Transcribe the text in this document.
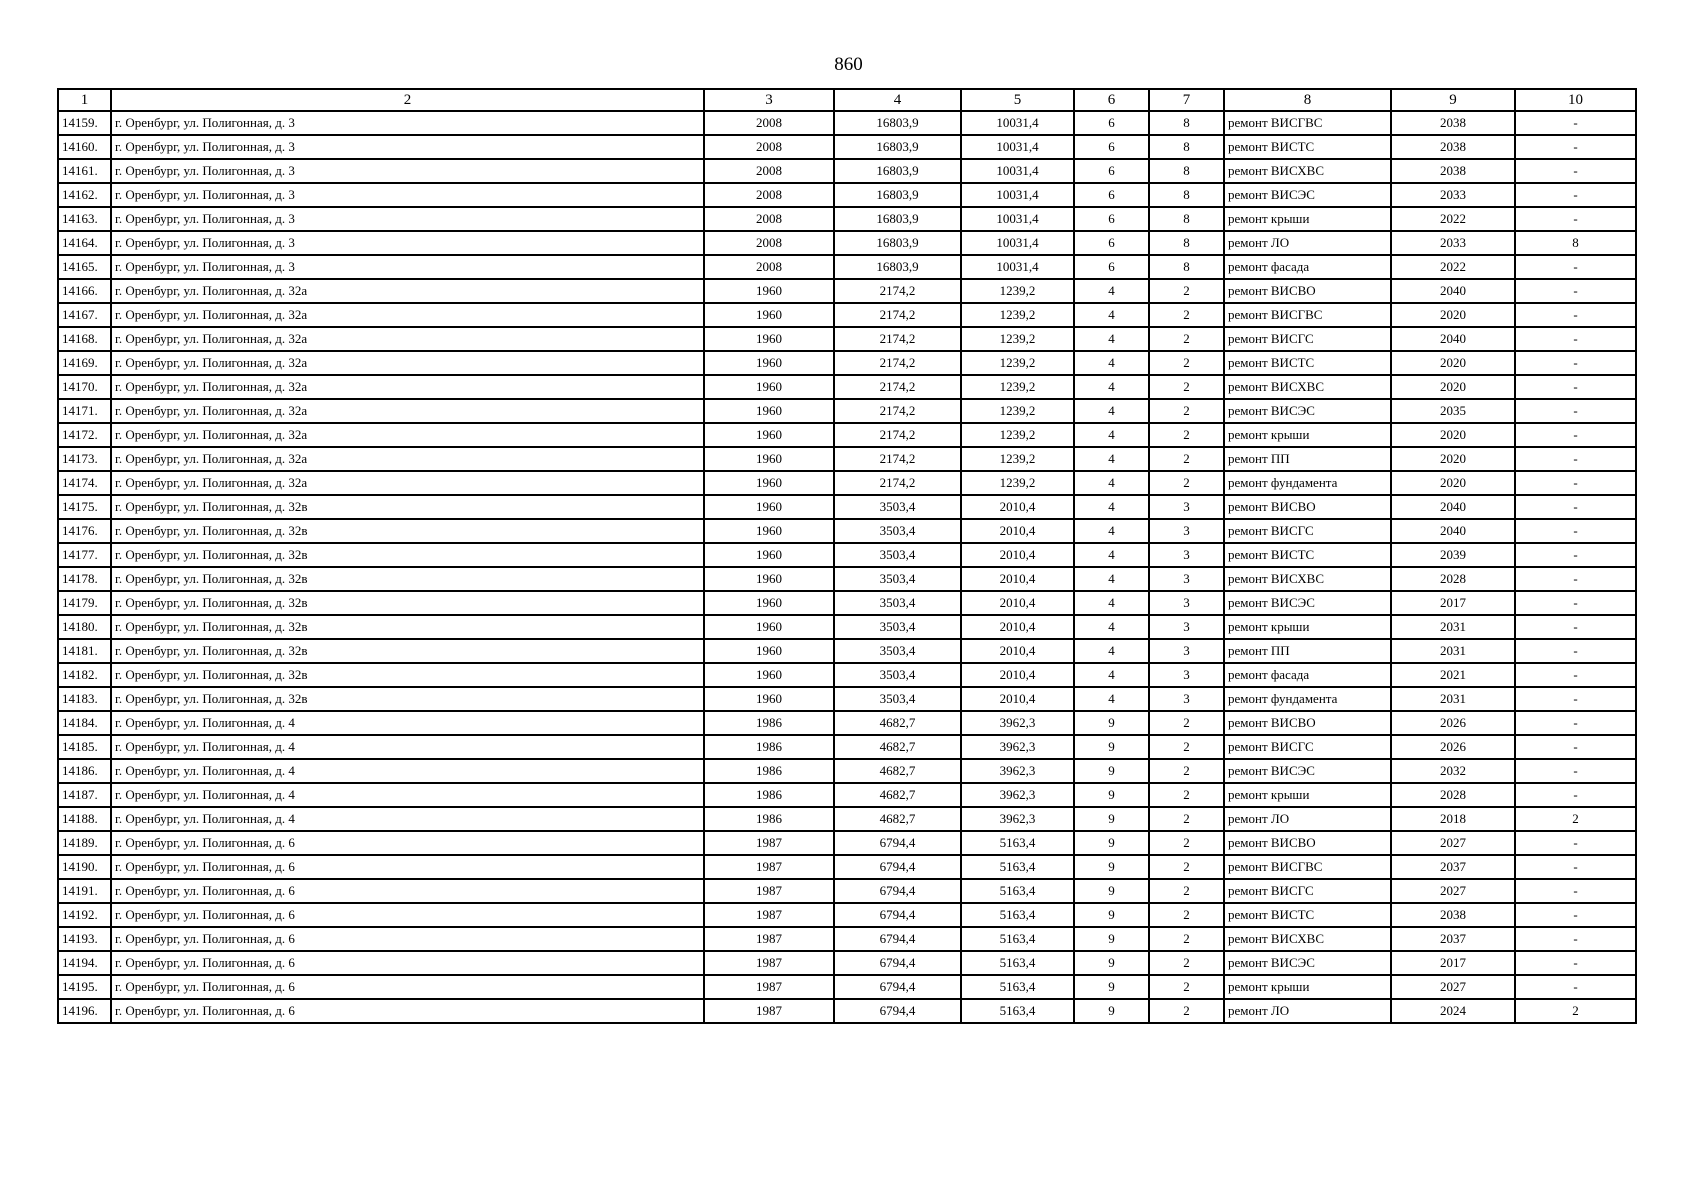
860
1	2	3	4	5	6	7	8	9	10
14159.	г. Оренбург, ул. Полигонная, д. 3	2008	16803,9	10031,4	6	8	ремонт ВИСГВС	2038	-
14160.	г. Оренбург, ул. Полигонная, д. 3	2008	16803,9	10031,4	6	8	ремонт ВИСТС	2038	-
14161.	г. Оренбург, ул. Полигонная, д. 3	2008	16803,9	10031,4	6	8	ремонт ВИСХВС	2038	-
14162.	г. Оренбург, ул. Полигонная, д. 3	2008	16803,9	10031,4	6	8	ремонт ВИСЭС	2033	-
14163.	г. Оренбург, ул. Полигонная, д. 3	2008	16803,9	10031,4	6	8	ремонт крыши	2022	-
14164.	г. Оренбург, ул. Полигонная, д. 3	2008	16803,9	10031,4	6	8	ремонт ЛО	2033	8
14165.	г. Оренбург, ул. Полигонная, д. 3	2008	16803,9	10031,4	6	8	ремонт фасада	2022	-
14166.	г. Оренбург, ул. Полигонная, д. 32а	1960	2174,2	1239,2	4	2	ремонт ВИСВО	2040	-
14167.	г. Оренбург, ул. Полигонная, д. 32а	1960	2174,2	1239,2	4	2	ремонт ВИСГВС	2020	-
14168.	г. Оренбург, ул. Полигонная, д. 32а	1960	2174,2	1239,2	4	2	ремонт ВИСГС	2040	-
14169.	г. Оренбург, ул. Полигонная, д. 32а	1960	2174,2	1239,2	4	2	ремонт ВИСТС	2020	-
14170.	г. Оренбург, ул. Полигонная, д. 32а	1960	2174,2	1239,2	4	2	ремонт ВИСХВС	2020	-
14171.	г. Оренбург, ул. Полигонная, д. 32а	1960	2174,2	1239,2	4	2	ремонт ВИСЭС	2035	-
14172.	г. Оренбург, ул. Полигонная, д. 32а	1960	2174,2	1239,2	4	2	ремонт крыши	2020	-
14173.	г. Оренбург, ул. Полигонная, д. 32а	1960	2174,2	1239,2	4	2	ремонт ПП	2020	-
14174.	г. Оренбург, ул. Полигонная, д. 32а	1960	2174,2	1239,2	4	2	ремонт фундамента	2020	-
14175.	г. Оренбург, ул. Полигонная, д. 32в	1960	3503,4	2010,4	4	3	ремонт ВИСВО	2040	-
14176.	г. Оренбург, ул. Полигонная, д. 32в	1960	3503,4	2010,4	4	3	ремонт ВИСГС	2040	-
14177.	г. Оренбург, ул. Полигонная, д. 32в	1960	3503,4	2010,4	4	3	ремонт ВИСТС	2039	-
14178.	г. Оренбург, ул. Полигонная, д. 32в	1960	3503,4	2010,4	4	3	ремонт ВИСХВС	2028	-
14179.	г. Оренбург, ул. Полигонная, д. 32в	1960	3503,4	2010,4	4	3	ремонт ВИСЭС	2017	-
14180.	г. Оренбург, ул. Полигонная, д. 32в	1960	3503,4	2010,4	4	3	ремонт крыши	2031	-
14181.	г. Оренбург, ул. Полигонная, д. 32в	1960	3503,4	2010,4	4	3	ремонт ПП	2031	-
14182.	г. Оренбург, ул. Полигонная, д. 32в	1960	3503,4	2010,4	4	3	ремонт фасада	2021	-
14183.	г. Оренбург, ул. Полигонная, д. 32в	1960	3503,4	2010,4	4	3	ремонт фундамента	2031	-
14184.	г. Оренбург, ул. Полигонная, д. 4	1986	4682,7	3962,3	9	2	ремонт ВИСВО	2026	-
14185.	г. Оренбург, ул. Полигонная, д. 4	1986	4682,7	3962,3	9	2	ремонт ВИСГС	2026	-
14186.	г. Оренбург, ул. Полигонная, д. 4	1986	4682,7	3962,3	9	2	ремонт ВИСЭС	2032	-
14187.	г. Оренбург, ул. Полигонная, д. 4	1986	4682,7	3962,3	9	2	ремонт крыши	2028	-
14188.	г. Оренбург, ул. Полигонная, д. 4	1986	4682,7	3962,3	9	2	ремонт ЛО	2018	2
14189.	г. Оренбург, ул. Полигонная, д. 6	1987	6794,4	5163,4	9	2	ремонт ВИСВО	2027	-
14190.	г. Оренбург, ул. Полигонная, д. 6	1987	6794,4	5163,4	9	2	ремонт ВИСГВС	2037	-
14191.	г. Оренбург, ул. Полигонная, д. 6	1987	6794,4	5163,4	9	2	ремонт ВИСГС	2027	-
14192.	г. Оренбург, ул. Полигонная, д. 6	1987	6794,4	5163,4	9	2	ремонт ВИСТС	2038	-
14193.	г. Оренбург, ул. Полигонная, д. 6	1987	6794,4	5163,4	9	2	ремонт ВИСХВС	2037	-
14194.	г. Оренбург, ул. Полигонная, д. 6	1987	6794,4	5163,4	9	2	ремонт ВИСЭС	2017	-
14195.	г. Оренбург, ул. Полигонная, д. 6	1987	6794,4	5163,4	9	2	ремонт крыши	2027	-
14196.	г. Оренбург, ул. Полигонная, д. 6	1987	6794,4	5163,4	9	2	ремонт ЛО	2024	2
